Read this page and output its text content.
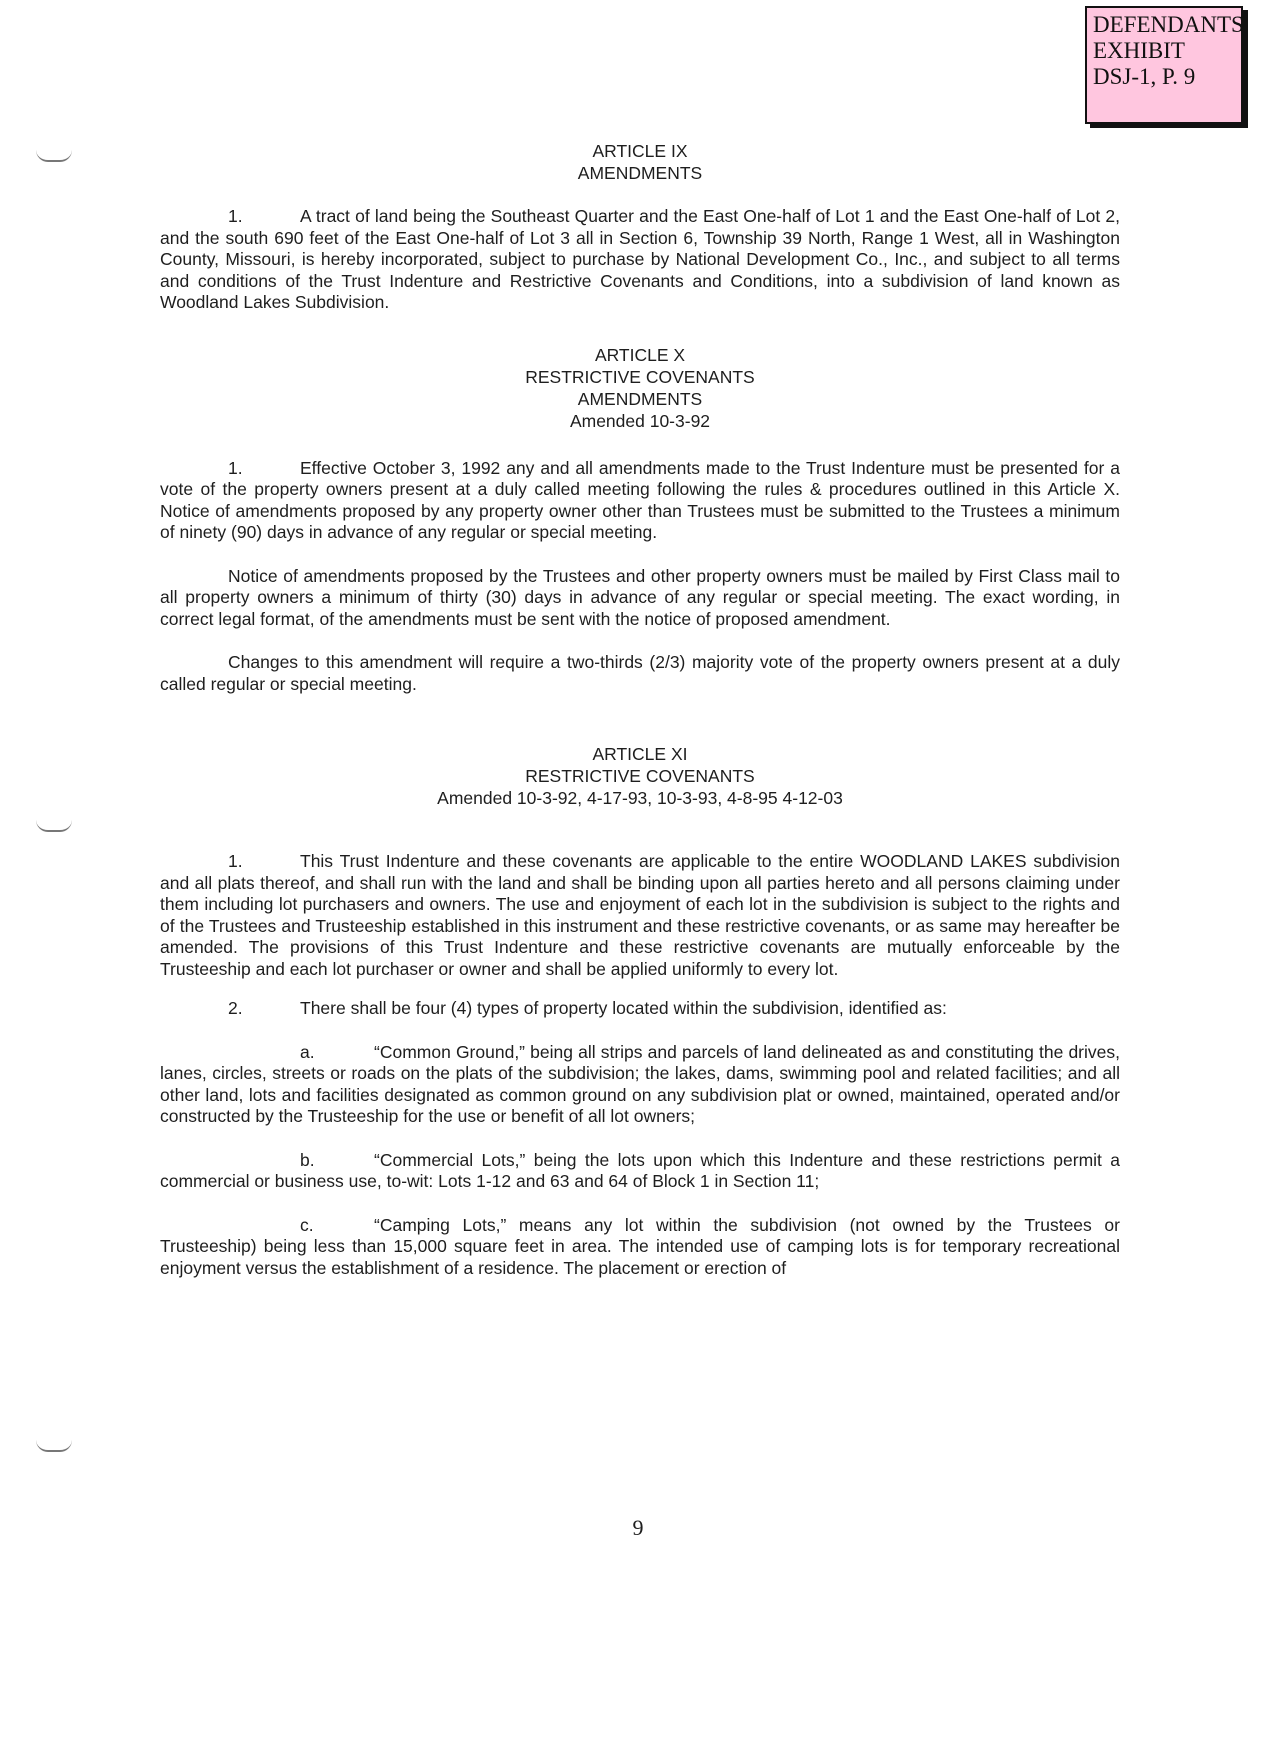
DEFENDANTS'
EXHIBIT
DSJ-1, P. 9
ARTICLE IX
AMENDMENTS

1.	A tract of land being the Southeast Quarter and the East One-half of Lot 1 and the East One-half of Lot 2, and the south 690 feet of the East One-half of Lot 3 all in Section 6, Township 39 North, Range 1 West, all in Washington County, Missouri, is hereby incorporated, subject to purchase by National Development Co., Inc., and subject to all terms and conditions of the Trust Indenture and Restrictive Covenants and Conditions, into a subdivision of land known as Woodland Lakes Subdivision.

ARTICLE X
RESTRICTIVE COVENANTS
AMENDMENTS
Amended 10-3-92

1.	Effective October 3, 1992 any and all amendments made to the Trust Indenture must be presented for a vote of the property owners present at a duly called meeting following the rules & procedures outlined in this Article X. Notice of amendments proposed by any property owner other than Trustees must be submitted to the Trustees a minimum of ninety (90) days in advance of any regular or special meeting.

Notice of amendments proposed by the Trustees and other property owners must be mailed by First Class mail to all property owners a minimum of thirty (30) days in advance of any regular or special meeting. The exact wording, in correct legal format, of the amendments must be sent with the notice of proposed amendment.

Changes to this amendment will require a two-thirds (2/3) majority vote of the property owners present at a duly called regular or special meeting.

ARTICLE XI
RESTRICTIVE COVENANTS
Amended 10-3-92, 4-17-93, 10-3-93, 4-8-95 4-12-03

1.	This Trust Indenture and these covenants are applicable to the entire WOODLAND LAKES subdivision and all plats thereof, and shall run with the land and shall be binding upon all parties hereto and all persons claiming under them including lot purchasers and owners. The use and enjoyment of each lot in the subdivision is subject to the rights and of the Trustees and Trusteeship established in this instrument and these restrictive covenants, or as same may hereafter be amended. The provisions of this Trust Indenture and these restrictive covenants are mutually enforceable by the Trusteeship and each lot purchaser or owner and shall be applied uniformly to every lot.

2.	There shall be four (4) types of property located within the subdivision, identified as:

a.	“Common Ground,” being all strips and parcels of land delineated as and constituting the drives, lanes, circles, streets or roads on the plats of the subdivision; the lakes, dams, swimming pool and related facilities; and all other land, lots and facilities designated as common ground on any subdivision plat or owned, maintained, operated and/or constructed by the Trusteeship for the use or benefit of all lot owners;

b.	“Commercial Lots,” being the lots upon which this Indenture and these restrictions permit a commercial or business use, to-wit: Lots 1-12 and 63 and 64 of Block 1 in Section 11;

c.	“Camping Lots,” means any lot within the subdivision (not owned by the Trustees or Trusteeship) being less than 15,000 square feet in area. The intended use of camping lots is for temporary recreational enjoyment versus the establishment of a residence. The placement or erection of

9
